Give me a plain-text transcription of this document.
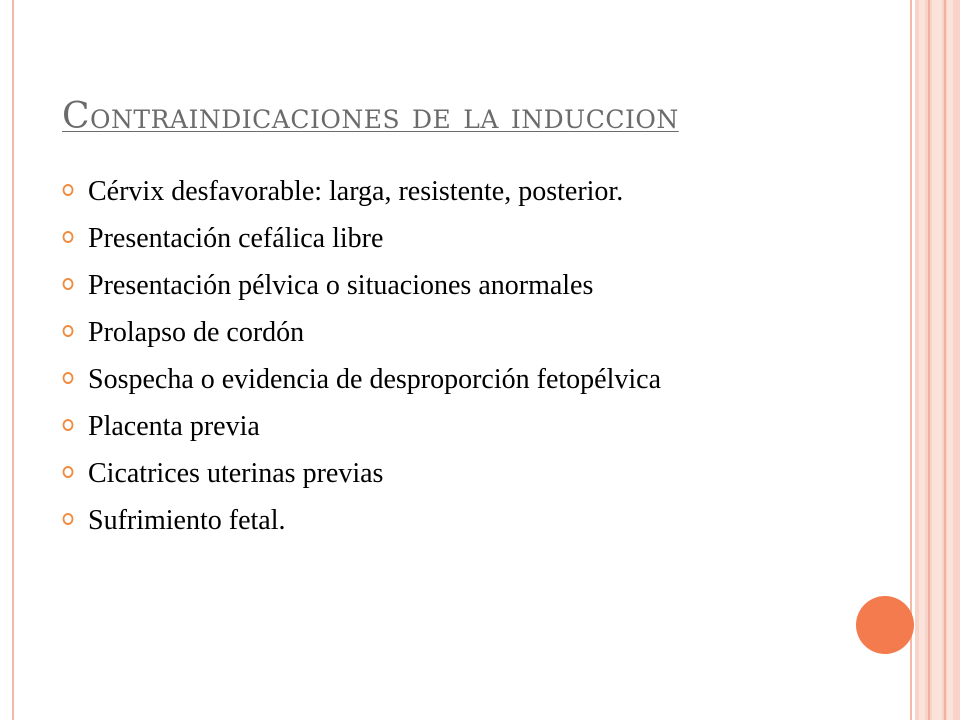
Contraindicaciones de la induccion
Cérvix desfavorable: larga, resistente, posterior.
Presentación cefálica libre
Presentación pélvica o situaciones anormales
Prolapso de cordón
Sospecha o evidencia de desproporción fetopélvica
Placenta previa
Cicatrices uterinas previas
Sufrimiento fetal.
